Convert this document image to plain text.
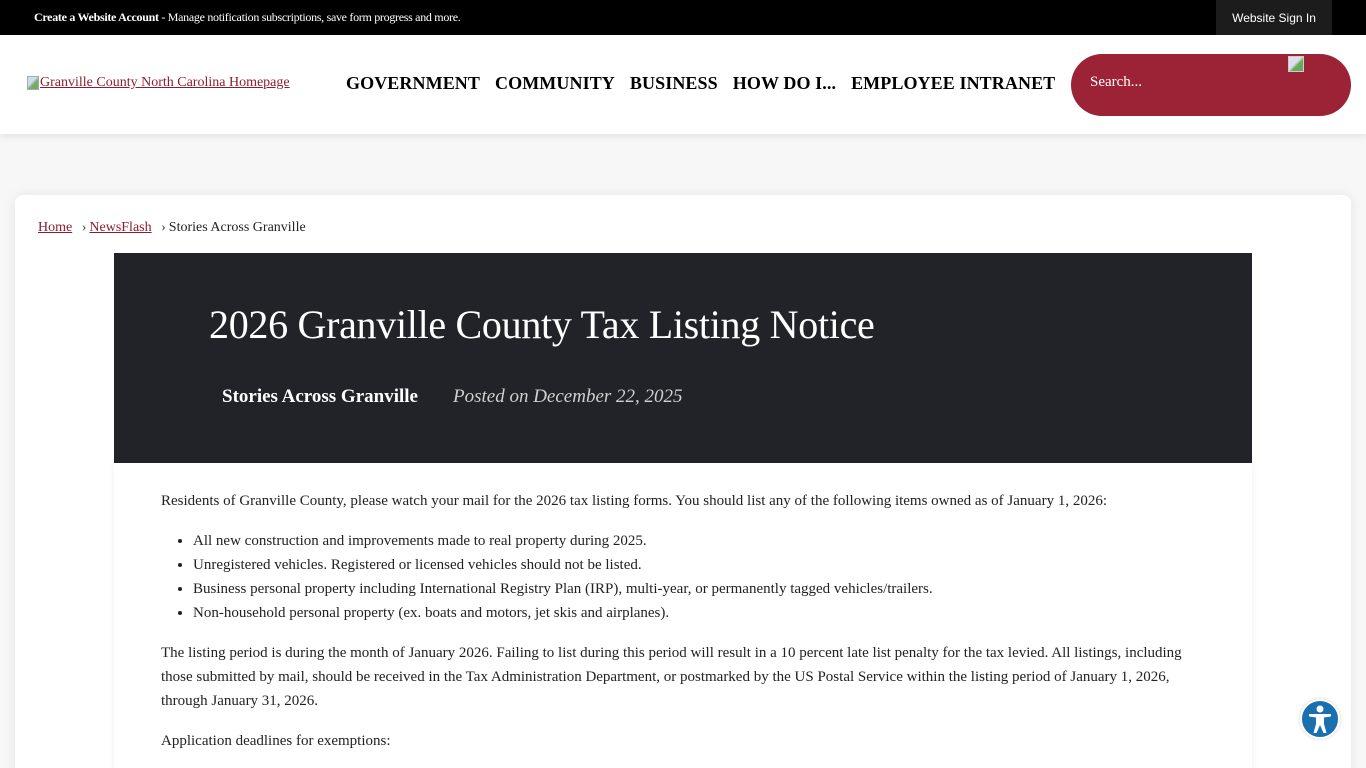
Create a Website Account - Manage notification subscriptions, save form progress and more.	Website Sign In
Granville County North Carolina Homepage	GOVERNMENT COMMUNITY BUSINESS HOW DO I... EMPLOYEE INTRANET
Search...
Home › NewsFlash › Stories Across Granville
2026 Granville County Tax Listing Notice
Stories Across Granville Posted on December 22, 2025

Residents of Granville County, please watch your mail for the 2026 tax listing forms. You should list any of the following items owned as of January 1, 2026:

• All new construction and improvements made to real property during 2025.
• Unregistered vehicles. Registered or licensed vehicles should not be listed.
• Business personal property including International Registry Plan (IRP), multi-year, or permanently tagged vehicles/trailers.
• Non-household personal property (ex. boats and motors, jet skis and airplanes).

The listing period is during the month of January 2026. Failing to list during this period will result in a 10 percent late list penalty for the tax levied. All listings, including those submitted by mail, should be received in the Tax Administration Department, or postmarked by the US Postal Service within the listing period of January 1, 2026, through January 31, 2026.

Application deadlines for exemptions:
